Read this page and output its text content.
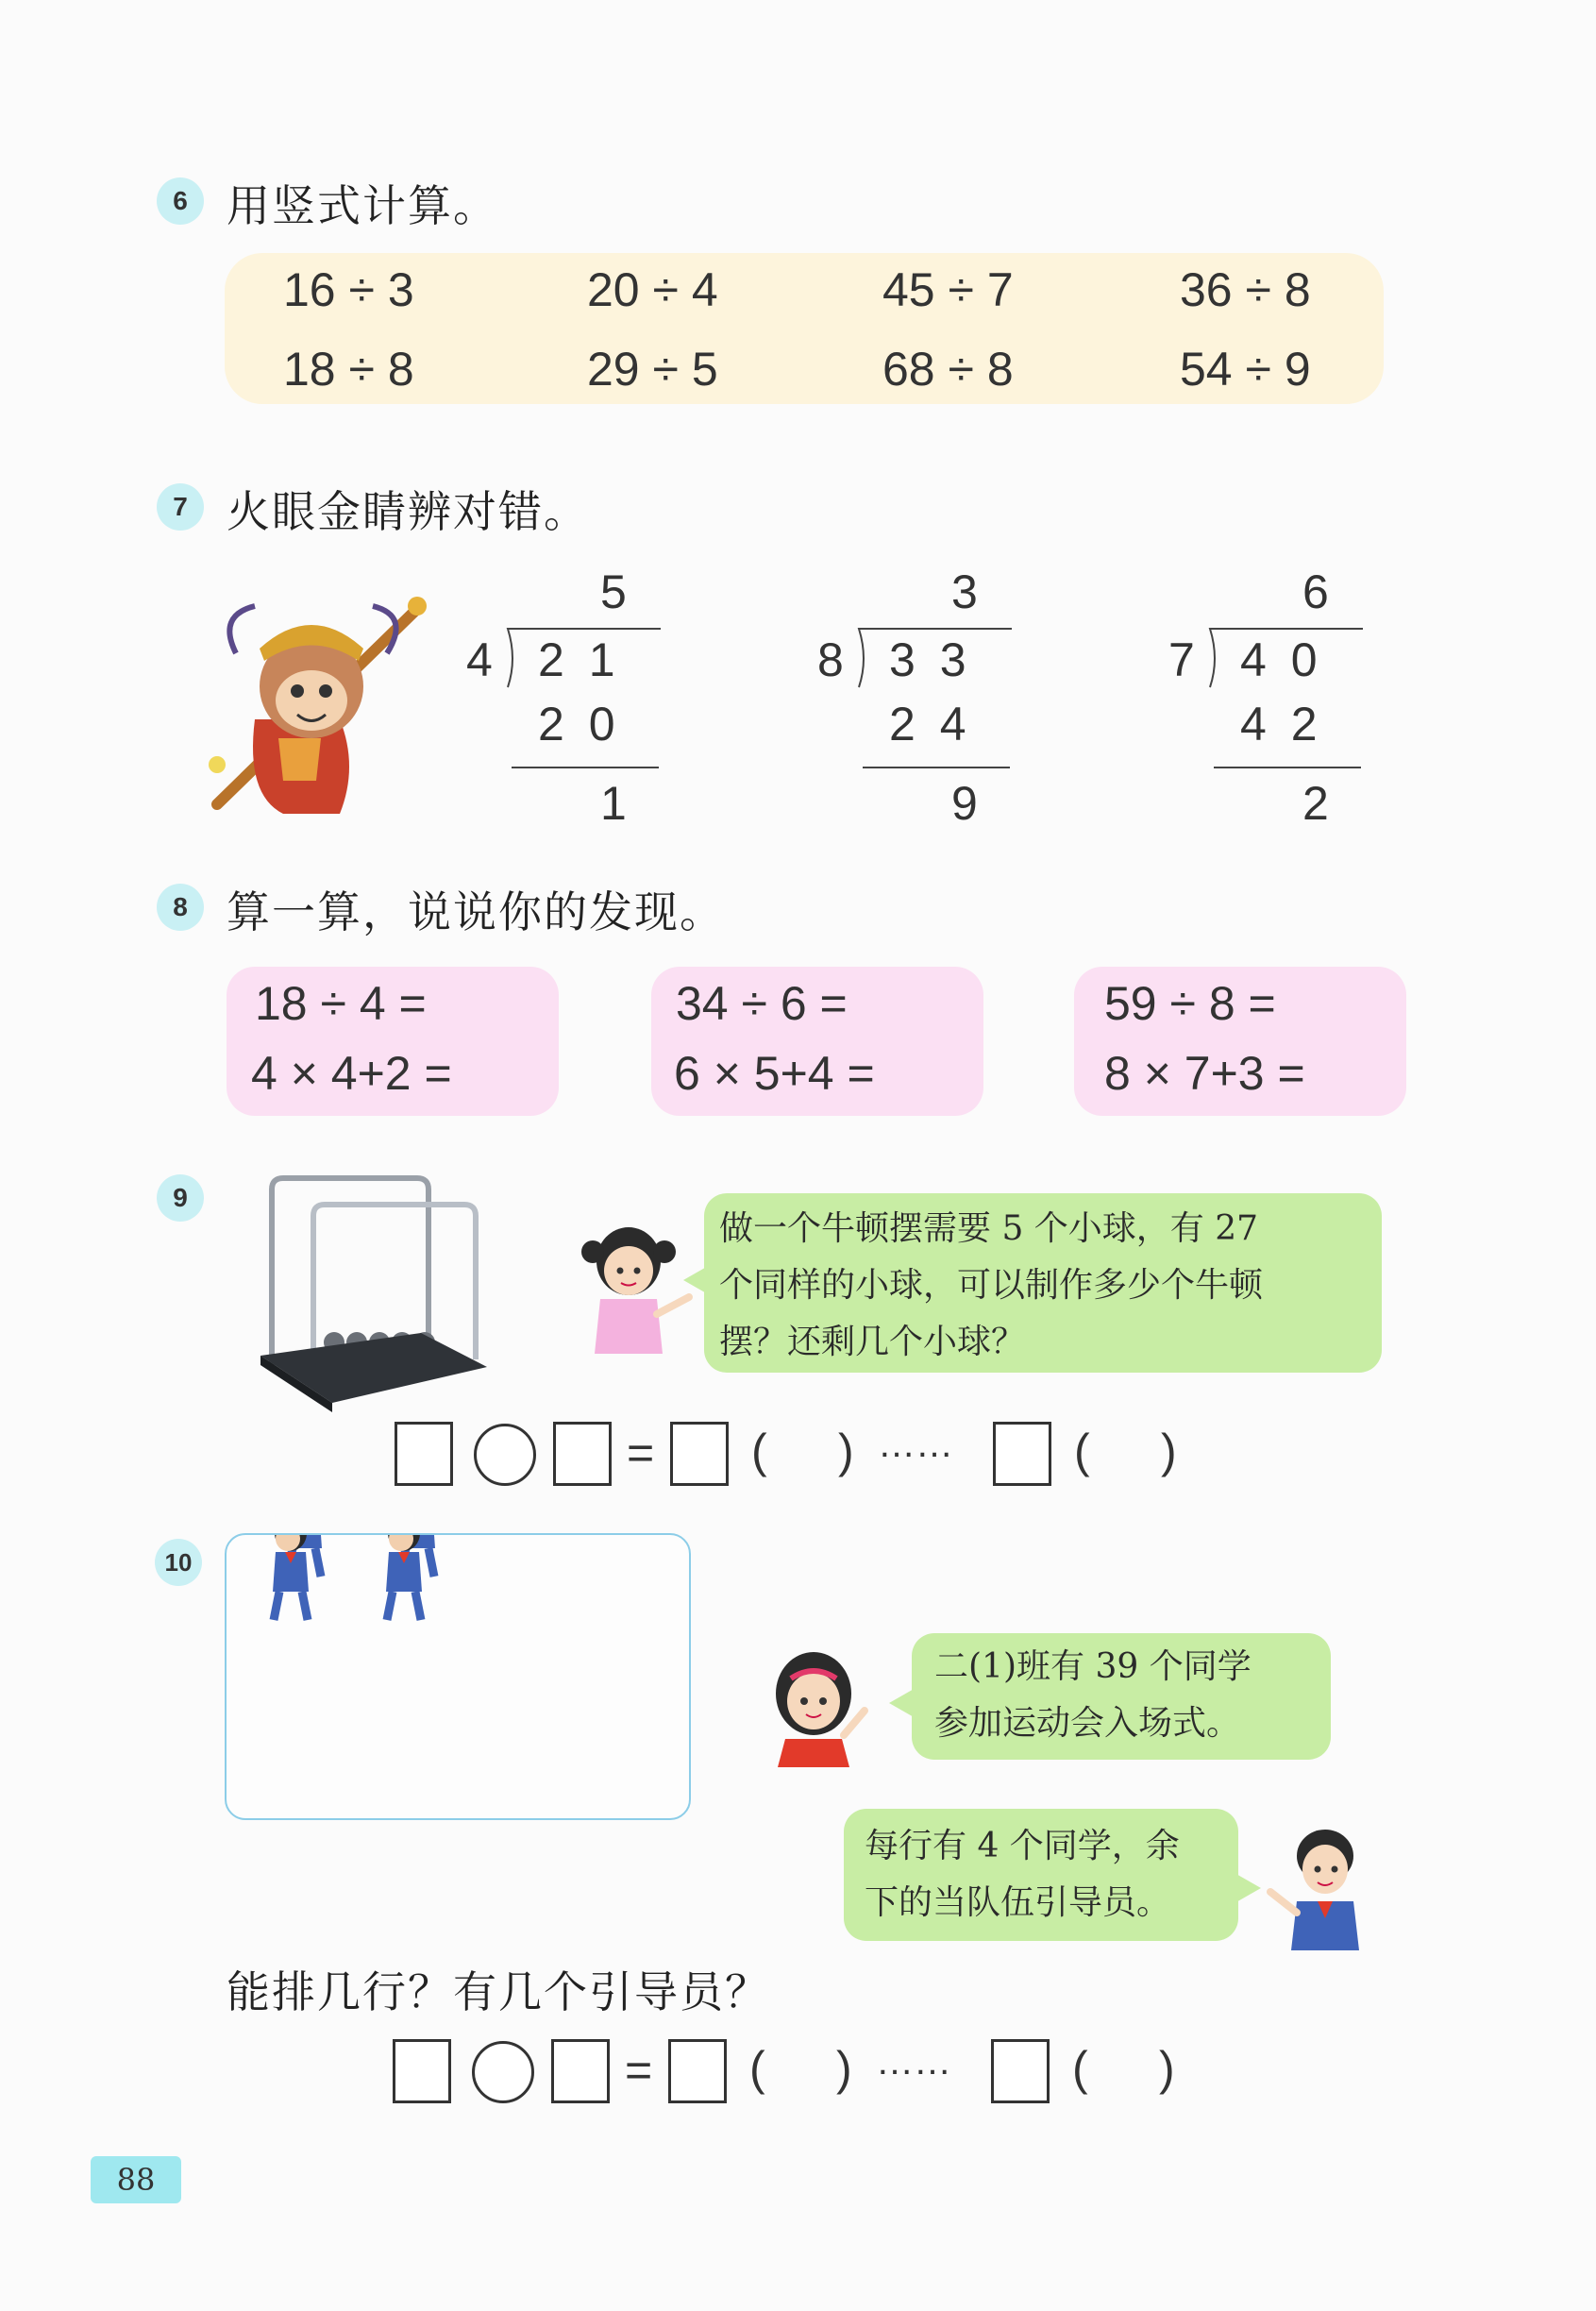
6 用竖式计算。
16 ÷ 3	20 ÷ 4	45 ÷ 7	36 ÷ 8
18 ÷ 8	29 ÷ 5	68 ÷ 8	54 ÷ 9
7 火眼金睛辨对错。
5
4 2 1
2 0
1
3
8 3 3
2 4
9
6
7 4 0
4 2
2
8 算一算，说说你的发现。
18 ÷ 4 =
4 × 4+2 =
34 ÷ 6 =
6 × 5+4 =
59 ÷ 8 =
8 × 7+3 =
9
做一个牛顿摆需要 5 个小球，有 27
个同样的小球，可以制作多少个牛顿
摆？还剩几个小球？
= ( ) ……	( )
10
二(1)班有 39 个同学
参加运动会入场式。
每行有 4 个同学，余
下的当队伍引导员。
能排几行？有几个引导员？
= ( ) ……	( )
88
